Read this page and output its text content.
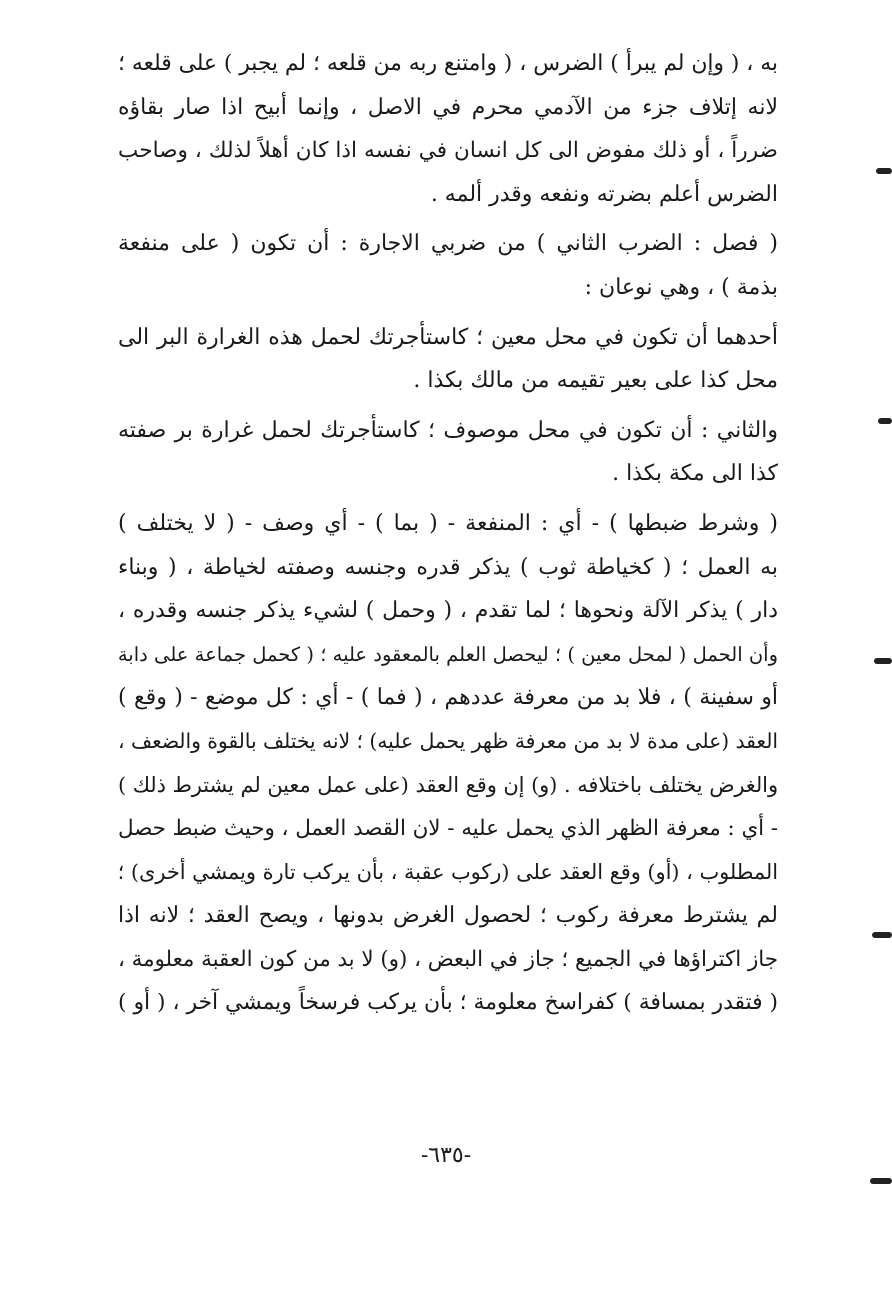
به ، ( وإن لم يبرأ ) الضرس ، ( وامتنع ربه من قلعه ؛ لم يجبر ) على قلعه ؛
لانه إتلاف جزء من الآدمي محرم في الاصل ، وإنما أبيح اذا صار بقاؤه
ضرراً ، أو ذلك مفوض الى كل انسان في نفسه اذا كان أهلاً لذلك ، وصاحب
الضرس أعلم بضرته ونفعه وقدر ألمه .
( فصل : الضرب الثاني ) من ضربي الاجارة : أن تكون ( على منفعة
بذمة ) ، وهي نوعان :
أحدهما أن تكون في محل معين ؛ كاستأجرتك لحمل هذه الغرارة البر الى
محل كذا على بعير تقيمه من مالك بكذا .
والثاني : أن تكون في محل موصوف ؛ كاستأجرتك لحمل غرارة بر صفته
كذا الى مكة بكذا .
( وشرط ضبطها ) - أي : المنفعة - ( بما ) - أي وصف - ( لا يختلف )
به العمل ؛ ( كخياطة ثوب ) يذكر قدره وجنسه وصفته لخياطة ، ( وبناء
دار ) يذكر الآلة ونحوها ؛ لما تقدم ، ( وحمل ) لشيء يذكر جنسه وقدره ،
وأن الحمل ( لمحل معين ) ؛ ليحصل العلم بالمعقود عليه ؛ ( كحمل جماعة على دابة
أو سفينة ) ، فلا بد من معرفة عددهم ، ( فما ) - أي : كل موضع - ( وقع )
العقد (على مدة لا بد من معرفة ظهر يحمل عليه) ؛ لانه يختلف بالقوة والضعف ،
والغرض يختلف باختلافه . (و) إن وقع العقد (على عمل معين لم يشترط ذلك )
- أي : معرفة الظهر الذي يحمل عليه - لان القصد العمل ، وحيث ضبط حصل
المطلوب ، (أو) وقع العقد على (ركوب عقبة ، بأن يركب تارة ويمشي أخرى) ؛
لم يشترط معرفة ركوب ؛ لحصول الغرض بدونها ، ويصح العقد ؛ لانه اذا
جاز اكتراؤها في الجميع ؛ جاز في البعض ، (و) لا بد من كون العقبة معلومة ،
( فتقدر بمسافة ) كفراسخ معلومة ؛ بأن يركب فرسخاً ويمشي آخر ، ( أو )
-٦٣٥-
